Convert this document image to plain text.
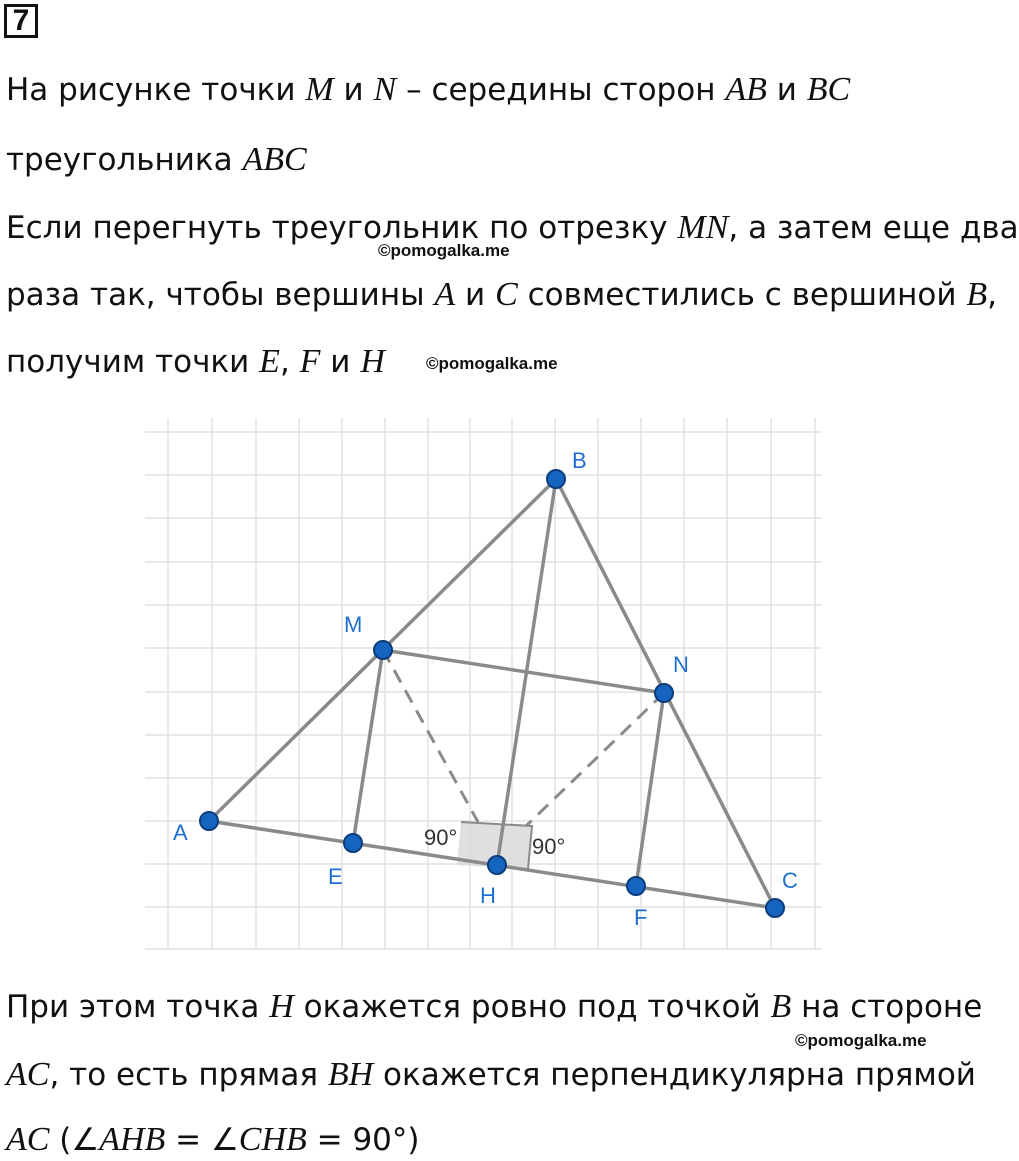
7
На рисунке точки M и N – середины сторон AB и BC
треугольника ABC
Если перегнуть треугольник по отрезку MN, а затем еще два
©pomogalka.me
раза так, чтобы вершины A и C совместились с вершиной B,
получим точки E, F и H ©pomogalka.me
A
B
C
M
N
E
F
H
90°	90°
При этом точка H окажется ровно под точкой B на стороне
©pomogalka.me
AC, то есть прямая BH окажется перпендикулярна прямой
AC (∠AHB = ∠CHB = 90°)
